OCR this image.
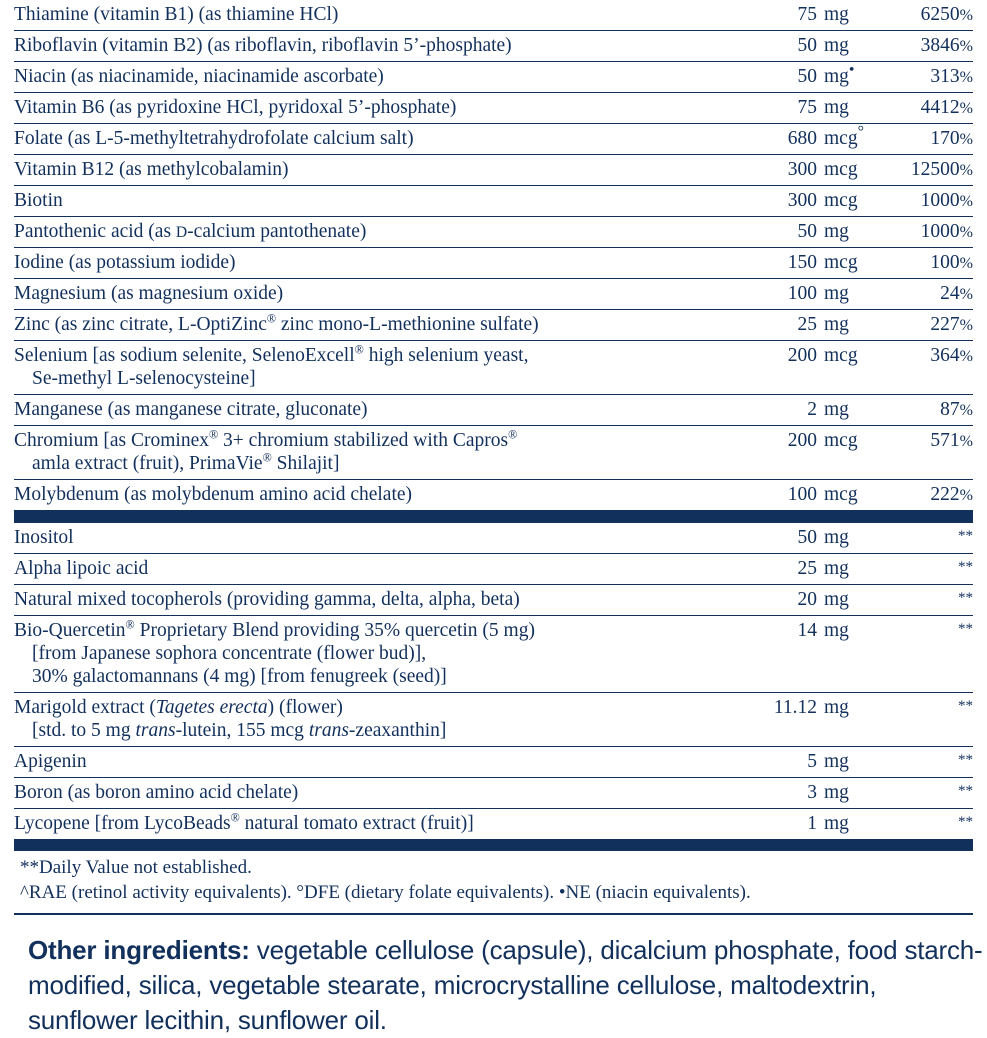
Thiamine (vitamin B1) (as thiamine HCl)	75 mg	6250%
Riboflavin (vitamin B2) (as riboflavin, riboflavin 5’-phosphate)	50 mg	3846%
Niacin (as niacinamide, niacinamide ascorbate)	50 mg•	313%
Vitamin B6 (as pyridoxine HCl, pyridoxal 5’-phosphate)	75 mg	4412%
Folate (as L-5-methyltetrahydrofolate calcium salt)	680 mcg°	170%
Vitamin B12 (as methylcobalamin)	300 mcg	12500%
Biotin	300 mcg	1000%
Pantothenic acid (as D-calcium pantothenate)	50 mg	1000%
Iodine (as potassium iodide)	150 mcg	100%
Magnesium (as magnesium oxide)	100 mg	24%
Zinc (as zinc citrate, L-OptiZinc® zinc mono-L-methionine sulfate)	25 mg	227%
Selenium [as sodium selenite, SelenoExcell® high selenium yeast,
Se-methyl L-selenocysteine]	200 mcg	364%
Manganese (as manganese citrate, gluconate)	2 mg	87%
Chromium [as Crominex® 3+ chromium stabilized with Capros®
amla extract (fruit), PrimaVie® Shilajit]	200 mcg	571%
Molybdenum (as molybdenum amino acid chelate)	100 mcg	222%
Inositol	50 mg	**
Alpha lipoic acid	25 mg	**
Natural mixed tocopherols (providing gamma, delta, alpha, beta)	20 mg	**
Bio-Quercetin® Proprietary Blend providing 35% quercetin (5 mg)
[from Japanese sophora concentrate (flower bud)],
30% galactomannans (4 mg) [from fenugreek (seed)]	14 mg	**
Marigold extract (Tagetes erecta) (flower)
[std. to 5 mg trans-lutein, 155 mcg trans-zeaxanthin]	11.12 mg	**
Apigenin	5 mg	**
Boron (as boron amino acid chelate)	3 mg	**
Lycopene [from LycoBeads® natural tomato extract (fruit)]	1 mg	**
**Daily Value not established.
^RAE (retinol activity equivalents). °DFE (dietary folate equivalents). •NE (niacin equivalents).
Other ingredients: vegetable cellulose (capsule), dicalcium phosphate, food starch-modified, silica, vegetable stearate, microcrystalline cellulose, maltodextrin, sunflower lecithin, sunflower oil.
